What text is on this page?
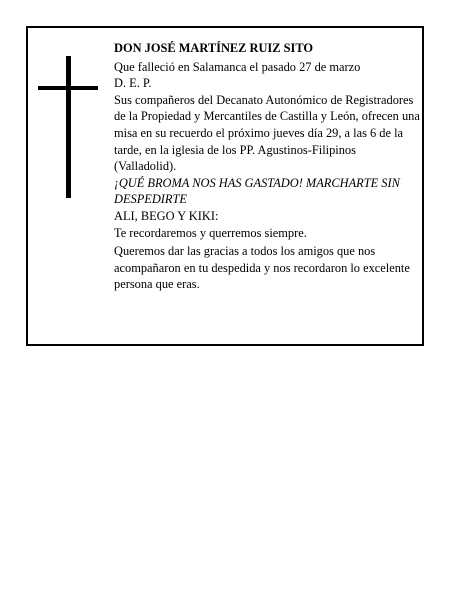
DON JOSÉ MARTÍNEZ RUIZ SITO

Que falleció en Salamanca el pasado 27 de marzo

D. E. P.

Sus compañeros del Decanato Autonómico de Registradores de la Propiedad y Mercantiles de Castilla y León, ofrecen una misa en su recuerdo el próximo jueves día 29, a las 6 de la tarde, en la iglesia de los PP. Agustinos-Filipinos (Valladolid).

¡QUÉ BROMA NOS HAS GASTADO! MARCHARTE SIN DESPEDIRTE

ALI, BEGO Y KIKI:

Te recordaremos y querremos siempre.

Queremos dar las gracias a todos los amigos que nos acompañaron en tu despedida y nos recordaron lo excelente persona que eras.
